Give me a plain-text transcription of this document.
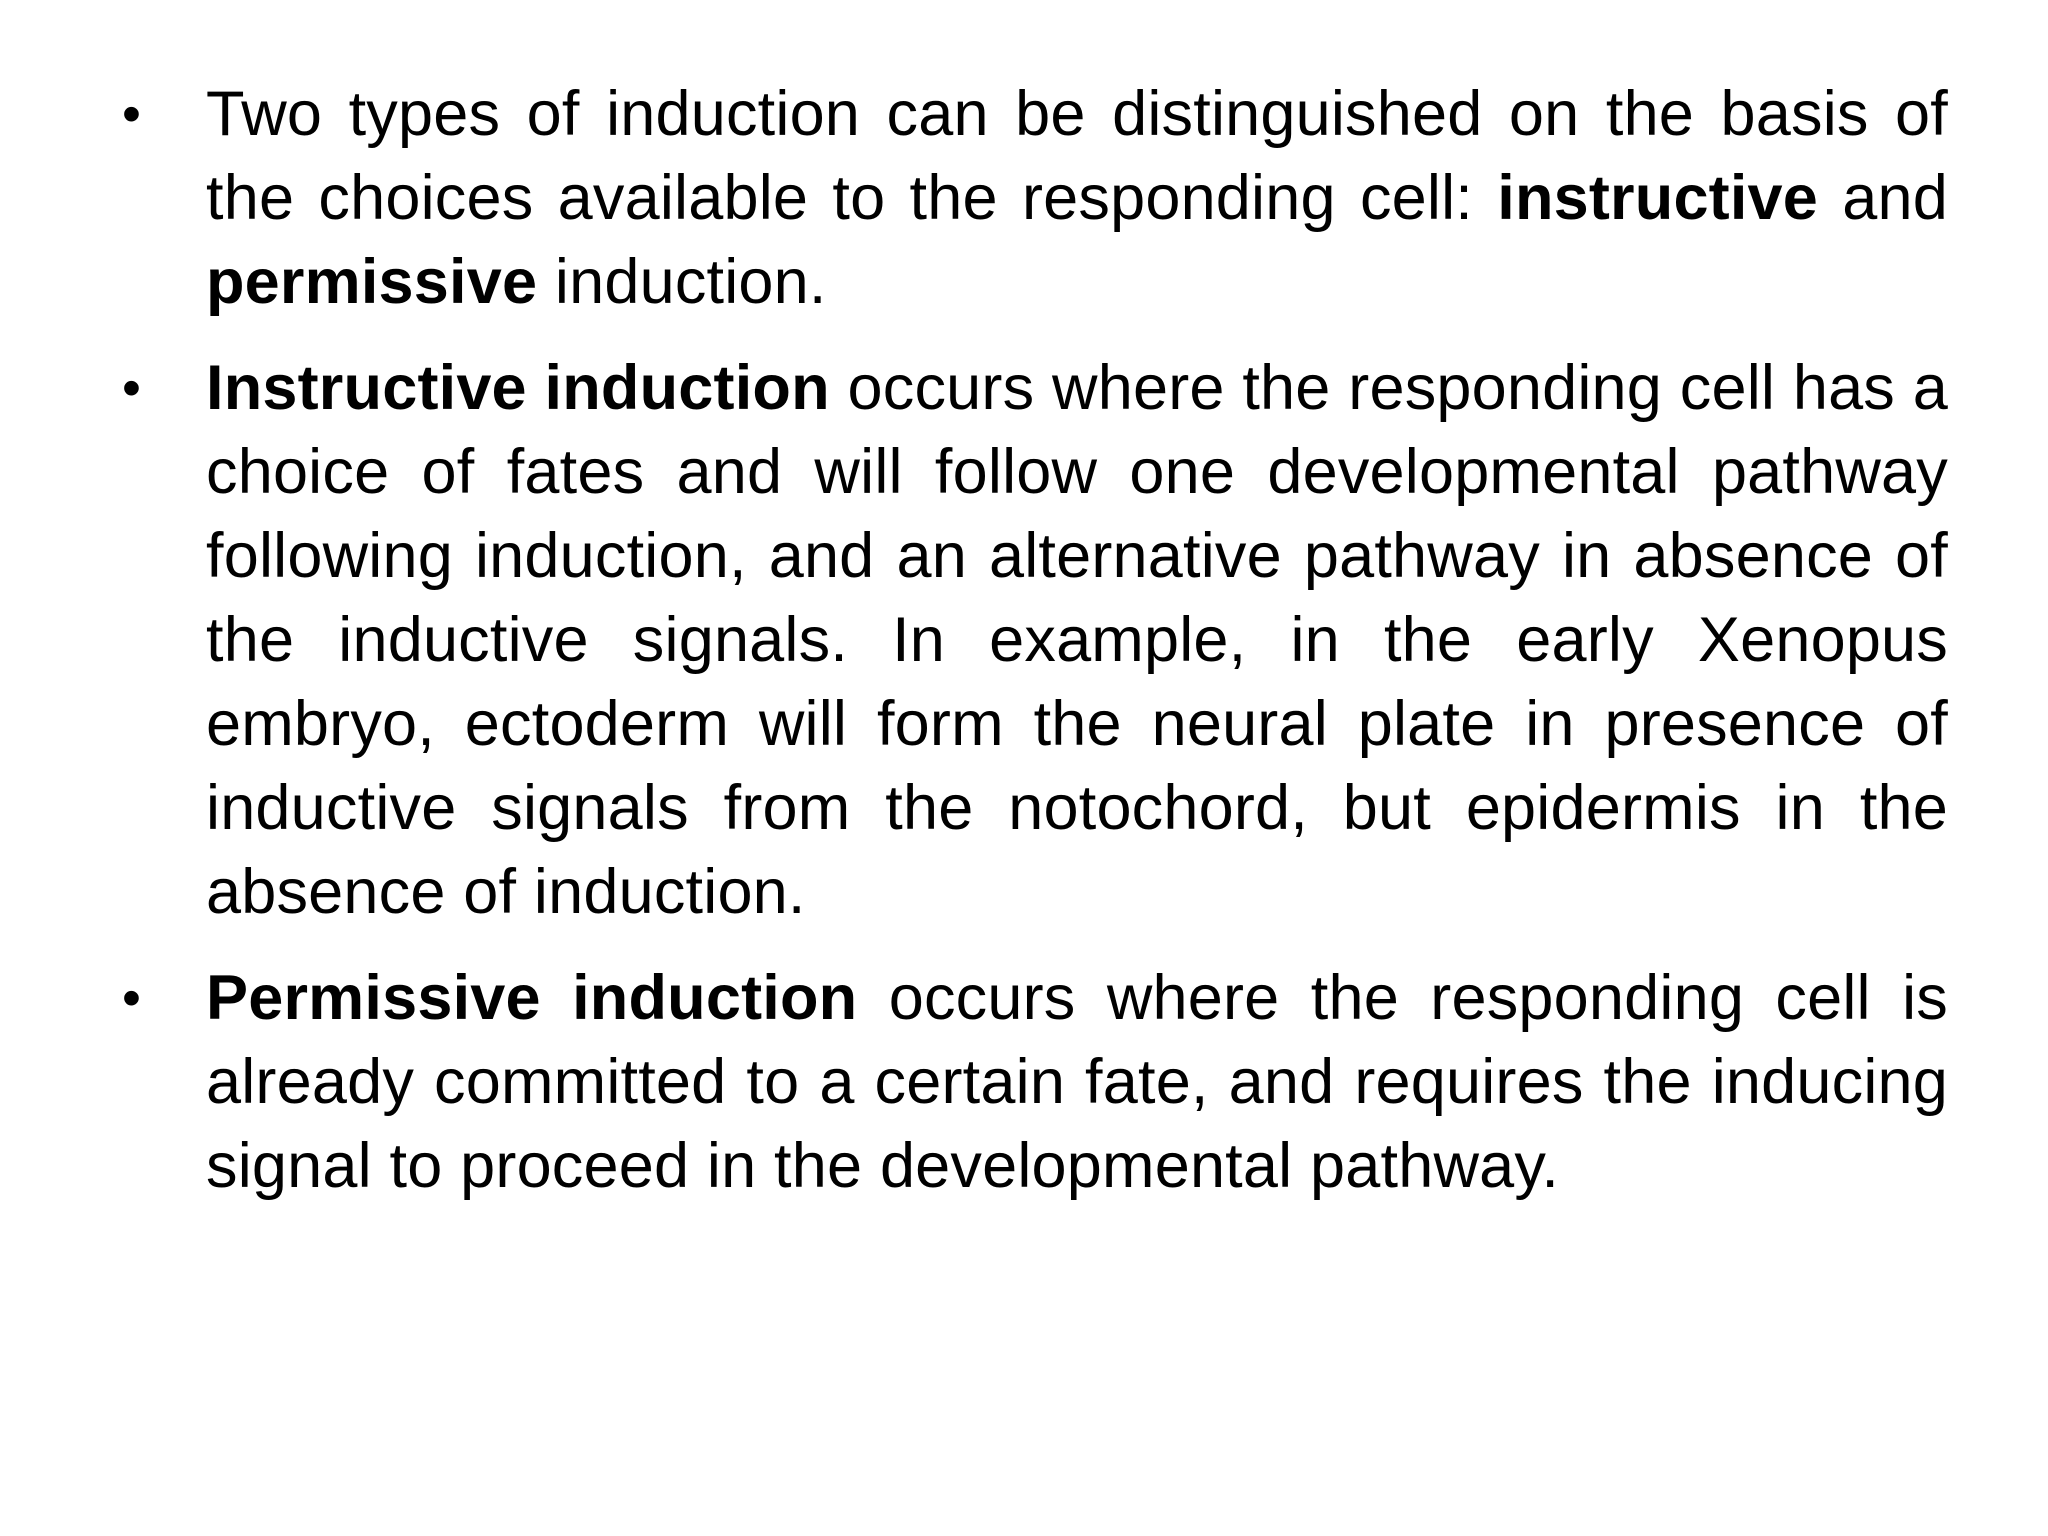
•	Two types of induction can be distinguished on the basis of the choices available to the responding cell: instructive and permissive induction.
•	Instructive induction occurs where the responding cell has a choice of fates and will follow one developmental pathway following induction, and an alternative pathway in absence of the inductive signals. In example, in the early Xenopus embryo, ectoderm will form the neural plate in presence of inductive signals from the notochord, but epidermis in the absence of induction.
•	Permissive induction occurs where the responding cell is already committed to a certain fate, and requires the inducing signal to proceed in the developmental pathway.
